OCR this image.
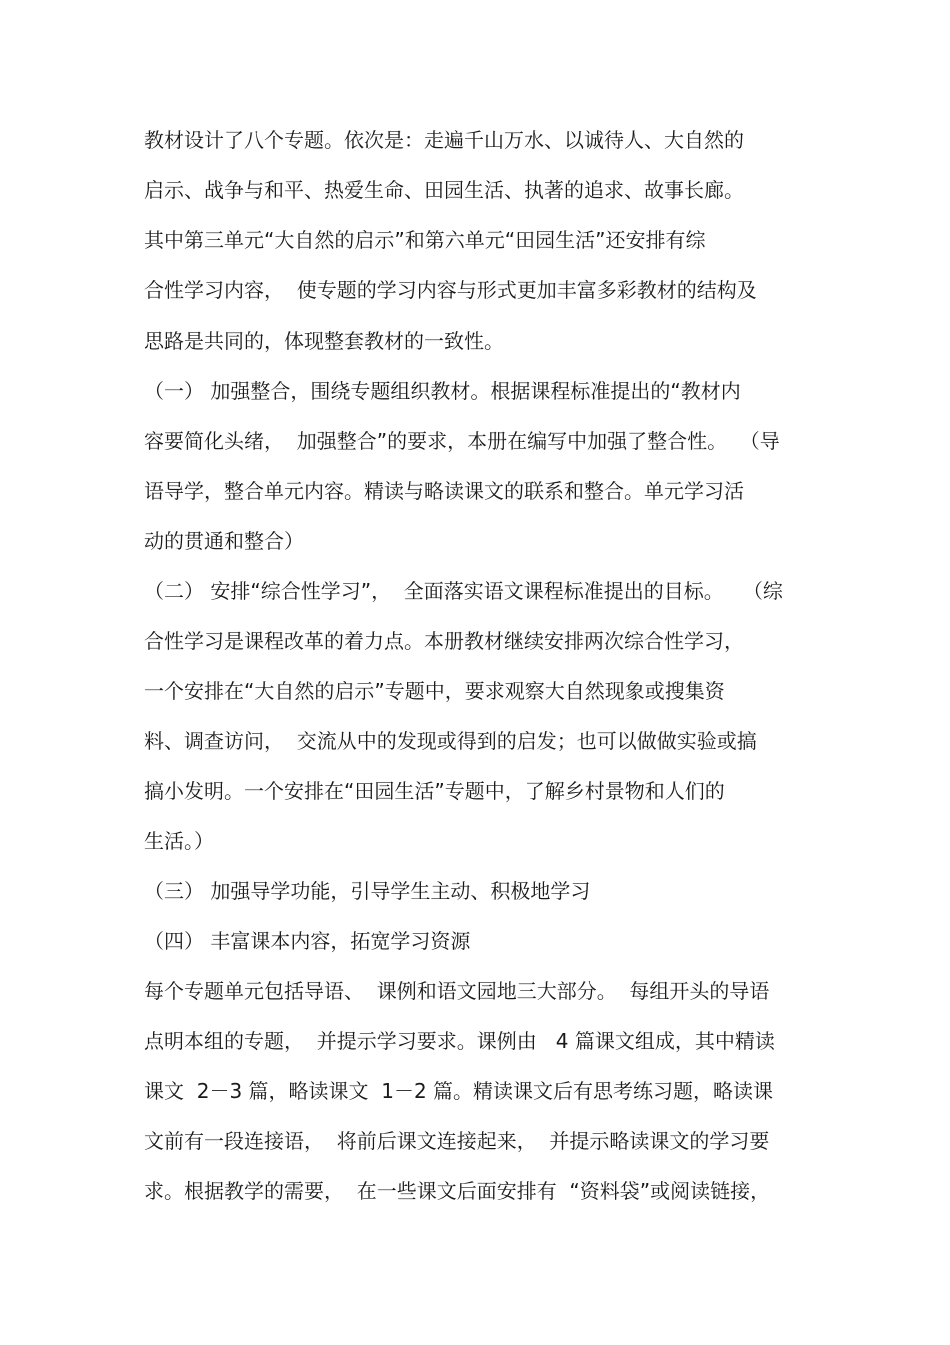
教材设计了八个专题。依次是：走遍千山万水、以诚待人、大自然的
启示、战争与和平、热爱生命、田园生活、执著的追求、故事长廊。
其中第三单元“大自然的启示”和第六单元“田园生活”还安排有综
合性学习内容，  使专题的学习内容与形式更加丰富多彩教材的结构及
思路是共同的，体现整套教材的一致性。
（一） 加强整合，围绕专题组织教材。根据课程标准提出的“教材内
容要简化头绪，  加强整合”的要求，本册在编写中加强了整合性。  （导
语导学，整合单元内容。精读与略读课文的联系和整合。单元学习活
动的贯通和整合）
（二） 安排“综合性学习”，  全面落实语文课程标准提出的目标。   （综
合性学习是课程改革的着力点。本册教材继续安排两次综合性学习，
一个安排在“大自然的启示”专题中，要求观察大自然现象或搜集资
料、调查访问，  交流从中的发现或得到的启发；也可以做做实验或搞
搞小发明。一个安排在“田园生活”专题中，了解乡村景物和人们的
生活。）
（三） 加强导学功能，引导学生主动、积极地学习
（四） 丰富课本内容，拓宽学习资源
每个专题单元包括导语、  课例和语文园地三大部分。  每组开头的导语
点明本组的专题，  并提示学习要求。课例由   4 篇课文组成，其中精读
课文  2－3 篇，略读课文  1－2 篇。精读课文后有思考练习题，略读课
文前有一段连接语，  将前后课文连接起来，  并提示略读课文的学习要
求。根据教学的需要，  在一些课文后面安排有  “资料袋”或阅读链接，
